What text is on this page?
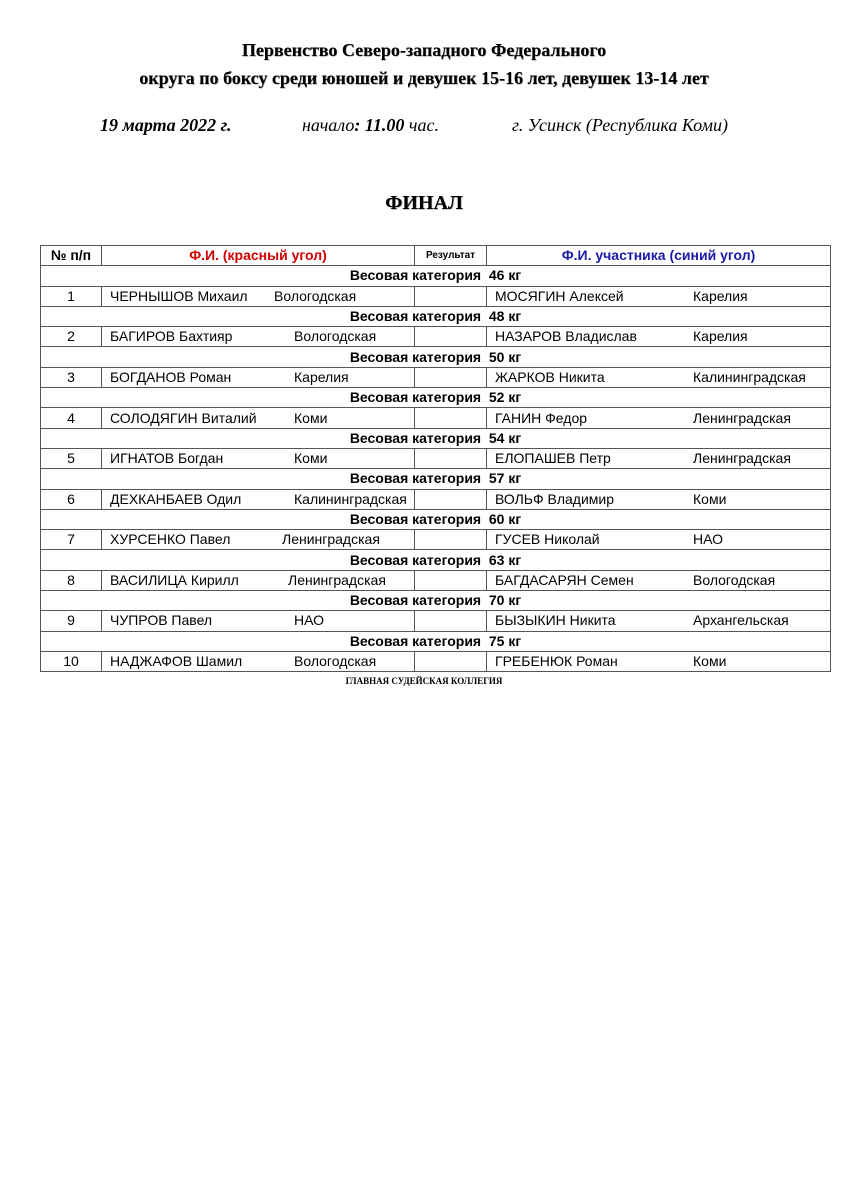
Первенство Северо-западного Федерального
округа по боксу среди юношей и девушек 15-16 лет, девушек 13-14 лет
19 марта 2022 г.	начало: 11.00 час.	г. Усинск (Республика Коми)
ФИНАЛ
№ п/п	Ф.И. (красный угол)	Результат	Ф.И. участника (синий угол)
Весовая категория 46 кг			
1	ЧЕРНЫШОВ Михаил Вологодская		МОСЯГИН Алексей Карелия

Весовая категория 48 кг			
2	БАГИРОВ Бахтияр Вологодская		НАЗАРОВ Владислав Карелия

Весовая категория 50 кг			
3	БОГДАНОВ Роман Карелия		ЖАРКОВ Никита Калининградская

Весовая категория 52 кг			
4	СОЛОДЯГИН Виталий Коми		ГАНИН Федор Ленинградская

Весовая категория 54 кг			
5	ИГНАТОВ Богдан Коми		ЕЛОПАШЕВ Петр Ленинградская

Весовая категория 57 кг			
6	ДЕХКАНБАЕВ Одил Калининградская		ВОЛЬФ Владимир Коми

Весовая категория 60 кг			
7	ХУРСЕНКО Павел Ленинградская		ГУСЕВ Николай НАО

Весовая категория 63 кг			
8	ВАСИЛИЦА Кирилл Ленинградская		БАГДАСАРЯН Семен Вологодская

Весовая категория 70 кг			
9	ЧУПРОВ Павел НАО		БЫЗЫКИН Никита Архангельская

Весовая категория 75 кг			
10	НАДЖАФОВ Шамил Вологодская		ГРЕБЕНЮК Роман Коми
ГЛАВНАЯ СУДЕЙСКАЯ КОЛЛЕГИЯ
